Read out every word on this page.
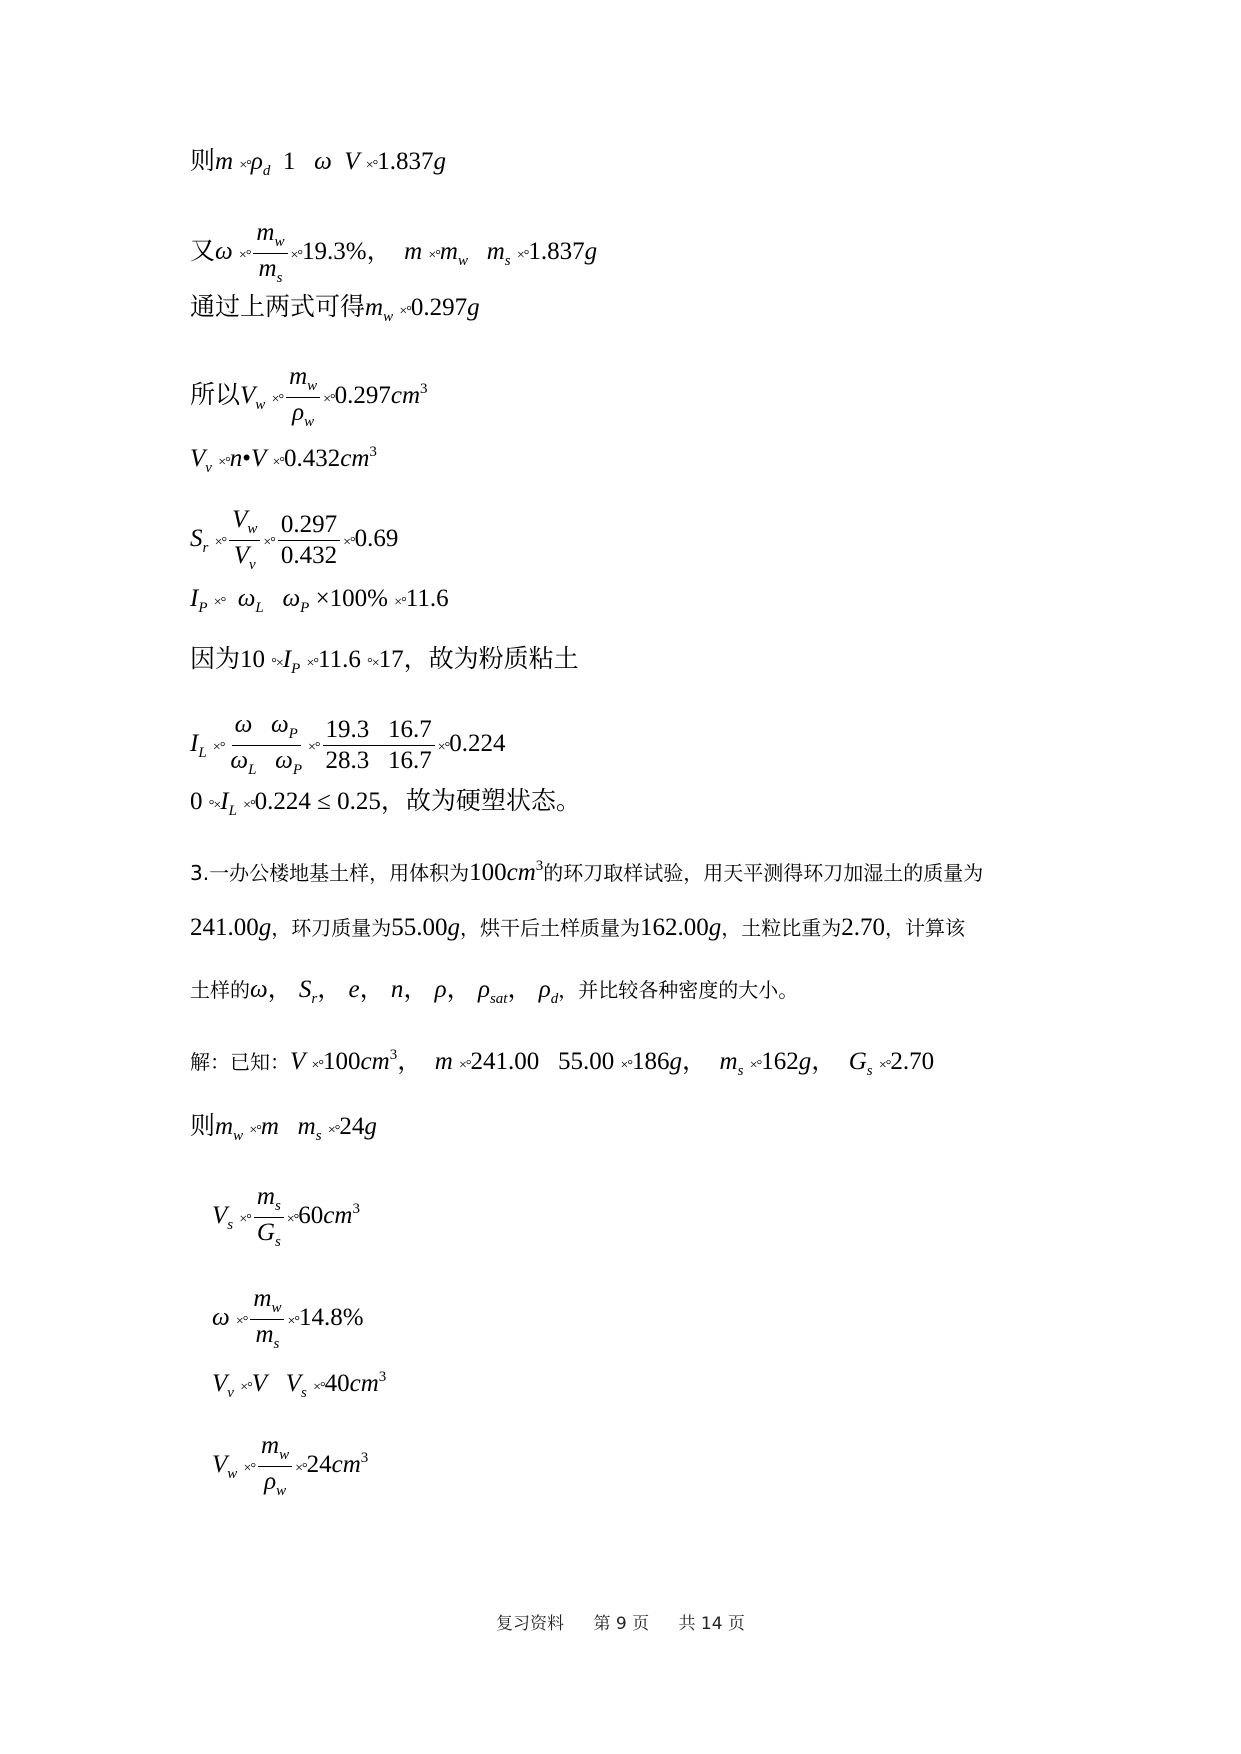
则$m \times^\circ\rho_d$  1   ω V ×°1.837g
又ω ×° $\frac{m_w}{m_s} \times^\circ 19.3\%$，  $m \times^\circ m_w$ $m_s \times^\circ 1.837g$
通过上两式可得$m_w \times^\circ 0.297g$
所以$V_w$ ×° $\frac{m_w}{\rho_w} \times^\circ 0.297cm^3$
$V_v$ ×°n•V $\times^\circ 0.432cm^3$
$S_r$ ×° $\frac{V_w}{V_v}$ ×° $\frac{0.297}{0.432} \times^\circ 0.69$
$I_P$ ×° $\omega_L$ $\omega_P \times 100\% \times^\circ 11.6$
因为10 $^\circ\times I_P \times^\circ 11.6$ °×17，故为粉质粘土
$I_L$ ×° $\frac{\omega \omega_P}{\omega_L \omega_P}$ ×° $\frac{19.3 16.7}{28.3 16.7} \times^\circ 0.224$
0 $^\circ\times I_L \times^\circ 0.224 \le 0.25$，故为硬塑状态。
3.一办公楼地基土样，用体积为$100cm^3$的环刀取样试验，用天平测得环刀加湿土的质量为
241.00g，环刀质量为55.00g，烘干后土样质量为162.00g，土粒比重为2.70，计算该
土样的ω， $S_r$， e， n， ρ， $\rho_{sat}$， $\rho_d$，并比较各种密度的大小。
解：已知：$V \times^\circ 100cm^3$，  m ×°241.00   55.00 ×°186g，  $m_s \times^\circ 162g$，  $G_s \times^\circ 2.70$
则$m_w \times^\circ m$ $m_s \times^\circ 24g$
$V_s$ ×° $\frac{m_s}{G_s} \times^\circ 60cm^3$
ω ×° $\frac{m_w}{m_s} \times^\circ 14.8\%$
$V_v \times^\circ V$ $V_s \times^\circ 40cm^3$
$V_w$ ×° $\frac{m_w}{\rho_w} \times^\circ 24cm^3$
复习资料 第 9 页 共 14 页
